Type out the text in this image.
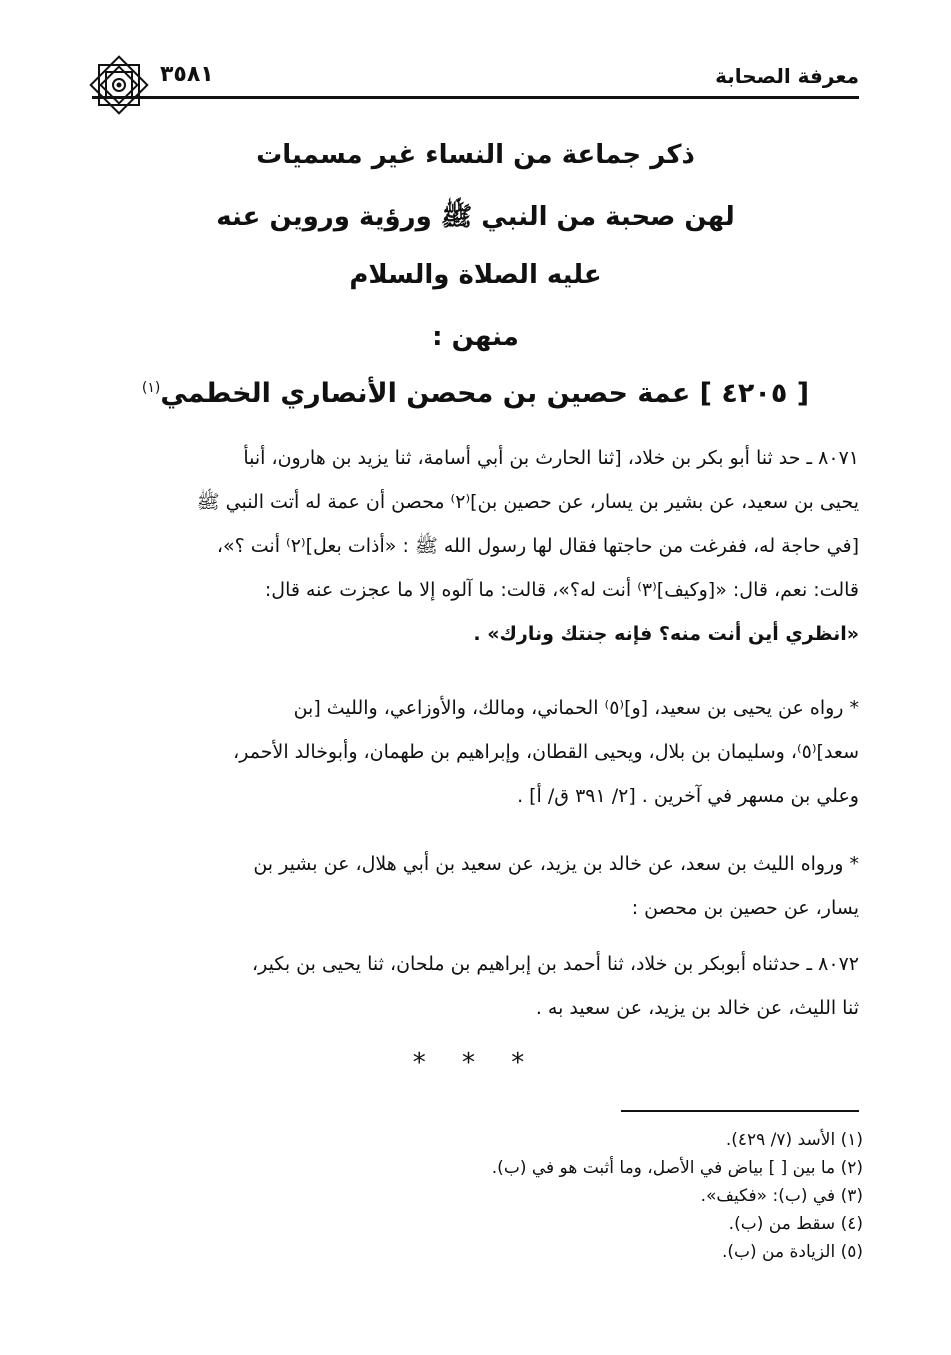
معرفة الصحابة
٣٥٨١
ذكر جماعة من النساء غير مسميات
لهن صحبة من النبي ﷺ ورؤية وروين عنه
عليه الصلاة والسلام
منهن :
[ ٤٢٠٥ ] عمة حصين بن محصن الأنصاري الخطمي$^{(١)}$
٨٠٧١ ـ حد ثنا أبو بكر بن خلاد، [ثنا الحارث بن أبي أسامة، ثنا يزيد بن هارون، أنبأ
يحيى بن سعيد، عن بشير بن يسار، عن حصين بن]⁽٢⁾ محصن أن عمة له أتت النبي ﷺ
[في حاجة له، ففرغت من حاجتها فقال لها رسول الله ﷺ : «أذات بعل]⁽٢⁾ أنت ؟»،
قالت: نعم، قال: «[وكيف]⁽٣⁾ أنت له؟»، قالت: ما آلوه إلا ما عجزت عنه قال:
«انظري أين أنت منه؟ فإنه جنتك ونارك» .
* رواه عن يحيى بن سعيد، [و]⁽٥⁾ الحماني، ومالك، والأوزاعي، والليث [بن
سعد]⁽٥⁾، وسليمان بن بلال، ويحيى القطان، وإبراهيم بن طهمان، وأبوخالد الأحمر،
وعلي بن مسهر في آخرين . [٢/ ٣٩١ ق/ أ] .
* ورواه الليث بن سعد، عن خالد بن يزيد، عن سعيد بن أبي هلال، عن بشير بن
يسار، عن حصين بن محصن :
٨٠٧٢ ـ حدثناه أبوبكر بن خلاد، ثنا أحمد بن إبراهيم بن ملحان، ثنا يحيى بن بكير،
ثنا الليث، عن خالد بن يزيد، عن سعيد به .
* * *
(١) الأسد (٧/ ٤٢٩).
(٢) ما بين [ ] بياض في الأصل، وما أثبت هو في (ب).
(٣) في (ب): «فكيف».
(٤) سقط من (ب).
(٥) الزيادة من (ب).
